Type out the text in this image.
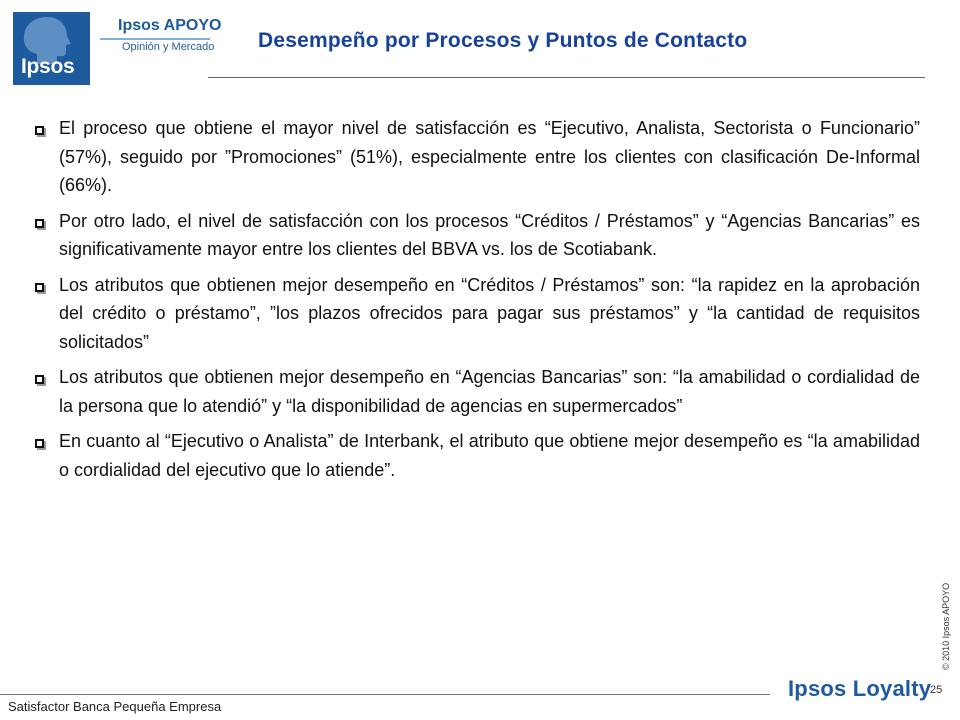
Ipsos
Ipsos APOYO
Opinión y Mercado Desempeño por Procesos y Puntos de Contacto
El proceso que obtiene el mayor nivel de satisfacción es “Ejecutivo, Analista, Sectorista o Funcionario” (57%), seguido por ”Promociones” (51%), especialmente entre los clientes con clasificación De-Informal (66%).
Por otro lado, el nivel de satisfacción con los procesos “Créditos / Préstamos” y “Agencias Bancarias” es significativamente mayor entre los clientes del BBVA vs. los de Scotiabank.
Los atributos que obtienen mejor desempeño en “Créditos / Préstamos” son: “la rapidez en la aprobación del crédito o préstamo”, ”los plazos ofrecidos para pagar sus préstamos” y “la cantidad de requisitos solicitados”
Los atributos que obtienen mejor desempeño en “Agencias Bancarias” son: “la amabilidad o cordialidad de la persona que lo atendió” y “la disponibilidad de agencias en supermercados”
En cuanto al “Ejecutivo o Analista” de Interbank, el atributo que obtiene mejor desempeño es “la amabilidad o cordialidad del ejecutivo que lo atiende”.
© 2010 Ipsos APOYO
Satisfactor Banca Pequeña Empresa
Ipsos Loyalty
25
